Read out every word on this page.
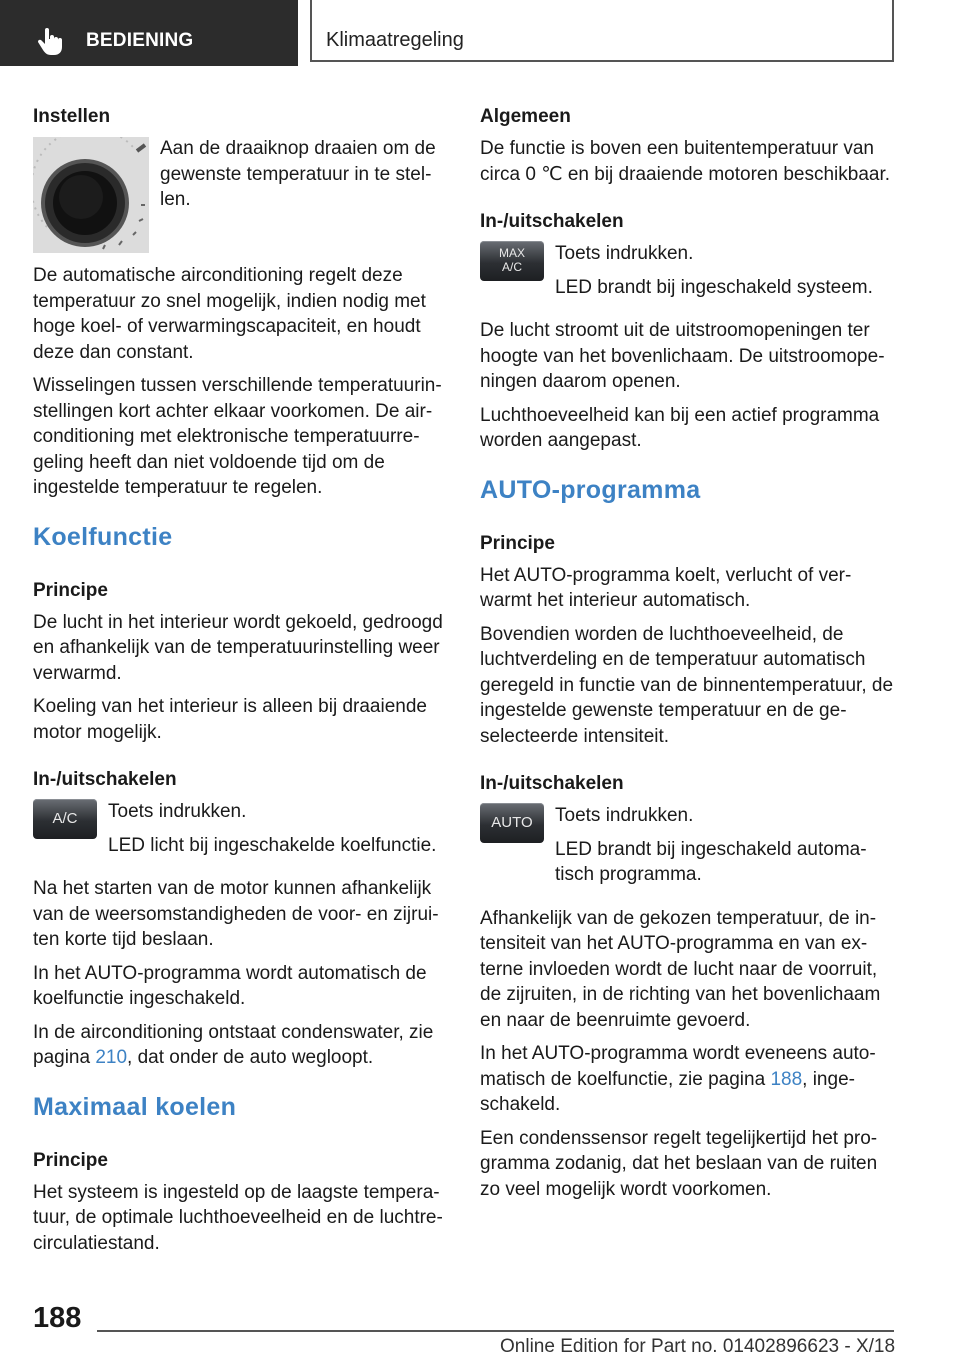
BEDIENING	Klimaatregeling
Instellen
Aan de draaiknop draaien om de gewenste temperatuur in te stel-len.

De automatische airconditioning regelt deze temperatuur zo snel mogelijk, indien nodig met hoge koel- of verwarmingscapaciteit, en houdt deze dan constant.

Wisselingen tussen verschillende temperatuurin-stellingen kort achter elkaar voorkomen. De air-conditioning met elektronische temperatuurre-geling heeft dan niet voldoende tijd om de ingestelde temperatuur te regelen.

Koelfunctie
Principe

De lucht in het interieur wordt gekoeld, gedroogd en afhankelijk van de temperatuurinstelling weer verwarmd.

Koeling van het interieur is alleen bij draaiende motor mogelijk.

In-/uitschakelen
A/C	Toets indrukken.

LED licht bij ingeschakelde koelfunctie.

Na het starten van de motor kunnen afhankelijk van de weersomstandigheden de voor- en zijrui-ten korte tijd beslaan.

In het AUTO-programma wordt automatisch de koelfunctie ingeschakeld.

In de airconditioning ontstaat condenswater, zie pagina 210, dat onder de auto wegloopt.

Maximaal koelen
Principe

Het systeem is ingesteld op de laagste tempera-tuur, de optimale luchthoeveelheid en de luchtre-circulatiestand.

Algemeen

De functie is boven een buitentemperatuur van circa 0 ℃ en bij draaiende motoren beschikbaar.

In-/uitschakelen
MAX
A/C

Toets indrukken.

LED brandt bij ingeschakeld systeem.

De lucht stroomt uit de uitstroomopeningen ter hoogte van het bovenlichaam. De uitstroomope-ningen daarom openen.

Luchthoeveelheid kan bij een actief programma worden aangepast.

AUTO-programma
Principe

Het AUTO-programma koelt, verlucht of ver-warmt het interieur automatisch.

Bovendien worden de luchthoeveelheid, de luchtverdeling en de temperatuur automatisch geregeld in functie van de binnentemperatuur, de ingestelde gewenste temperatuur en de ge-selecteerde intensiteit.

In-/uitschakelen
AUTO	Toets indrukken.

LED brandt bij ingeschakeld automa-tisch programma.

Afhankelijk van de gekozen temperatuur, de in-tensiteit van het AUTO-programma en van ex-terne invloeden wordt de lucht naar de voorruit, de zijruiten, in de richting van het bovenlichaam en naar de beenruimte gevoerd.

In het AUTO-programma wordt eveneens auto-matisch de koelfunctie, zie pagina 188, inge-schakeld.

Een condenssensor regelt tegelijkertijd het pro-gramma zodanig, dat het beslaan van de ruiten zo veel mogelijk wordt voorkomen.

188
Online Edition for Part no. 01402896623 - X/18
